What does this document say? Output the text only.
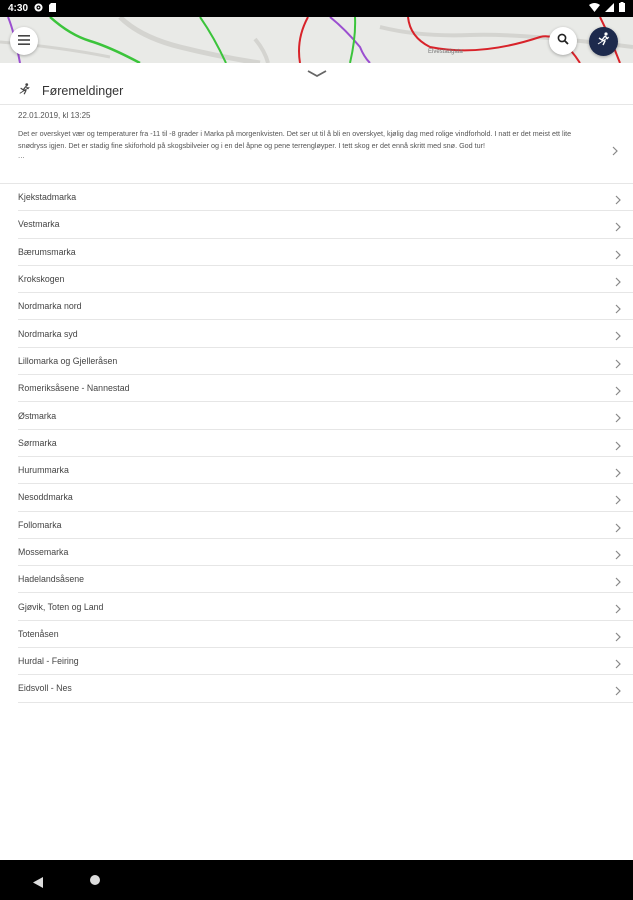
4:30
Elvestadgata
Føremeldinger
22.01.2019, kl 13:25
Det er overskyet vær og temperaturer fra -11 til -8 grader i Marka på morgenkvisten. Det ser ut til å bli en overskyet, kjølig dag med rolige vindforhold. I natt er det meist ett lite snødryss igjen. Det er stadig fine skiforhold på skogsbilveier og i en del åpne og pene terrengløyper. I tett skog er det ennå skritt med snø. God tur!
...
Kjekstadmarka
Vestmarka
Bærumsmarka
Krokskogen
Nordmarka nord
Nordmarka syd
Lillomarka og Gjelleråsen
Romeriksåsene - Nannestad
Østmarka
Sørmarka
Hurummarka
Nesoddmarka
Follomarka
Mossemarka
Hadelandsåsene
Gjøvik, Toten og Land
Totenåsen
Hurdal - Feiring
Eidsvoll - Nes
